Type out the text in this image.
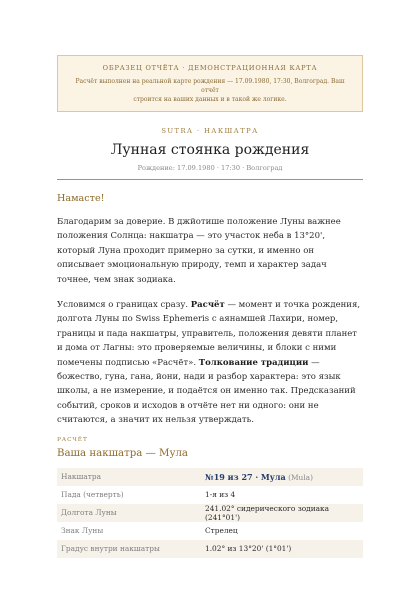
ОБРАЗЕЦ ОТЧЁТА · ДЕМОНСТРАЦИОННАЯ КАРТА
Расчёт выполнен на реальной карте рождения — 17.09.1980, 17:30, Волгоград. Ваш отчёт
строится на ваших данных и в такой же логике.
SUTRA · НАКШАТРА
Лунная стоянка рождения
Рождение: 17.09.1980 · 17:30 · Волгоград
Намасте!

Благодарим за доверие. В джйотише положение Луны важнее положения Солнца: накшатра — это участок неба в 13°20', который Луна проходит примерно за сутки, и именно он описывает эмоциональную природу, темп и характер задач точнее, чем знак зодиака.

Условимся о границах сразу. Расчёт — момент и точка рождения, долгота Луны по Swiss Ephemeris с аянамшей Лахири, номер, границы и пада накшатры, управитель, положения девяти планет и дома от Лагны: это проверяемые величины, и блоки с ними помечены подписью «Расчёт». Толкование традиции — божество, гуна, гана, йони, нади и разбор характера: это язык школы, а не измерение, и подаётся он именно так. Предсказаний событий, сроков и исходов в отчёте нет ни одного: они не считаются, а значит их нельзя утверждать.

РАСЧЁТ
Ваша накшатра — Мула
Накшатра	№19 из 27 · Мула (Mula)
Пада (четверть)	1-я из 4
Долгота Луны	241.02° сидерического зодиака (241°01')
Знак Луны	Стрелец
Градус внутри накшатры	1.02° из 13°20' (1°01')
